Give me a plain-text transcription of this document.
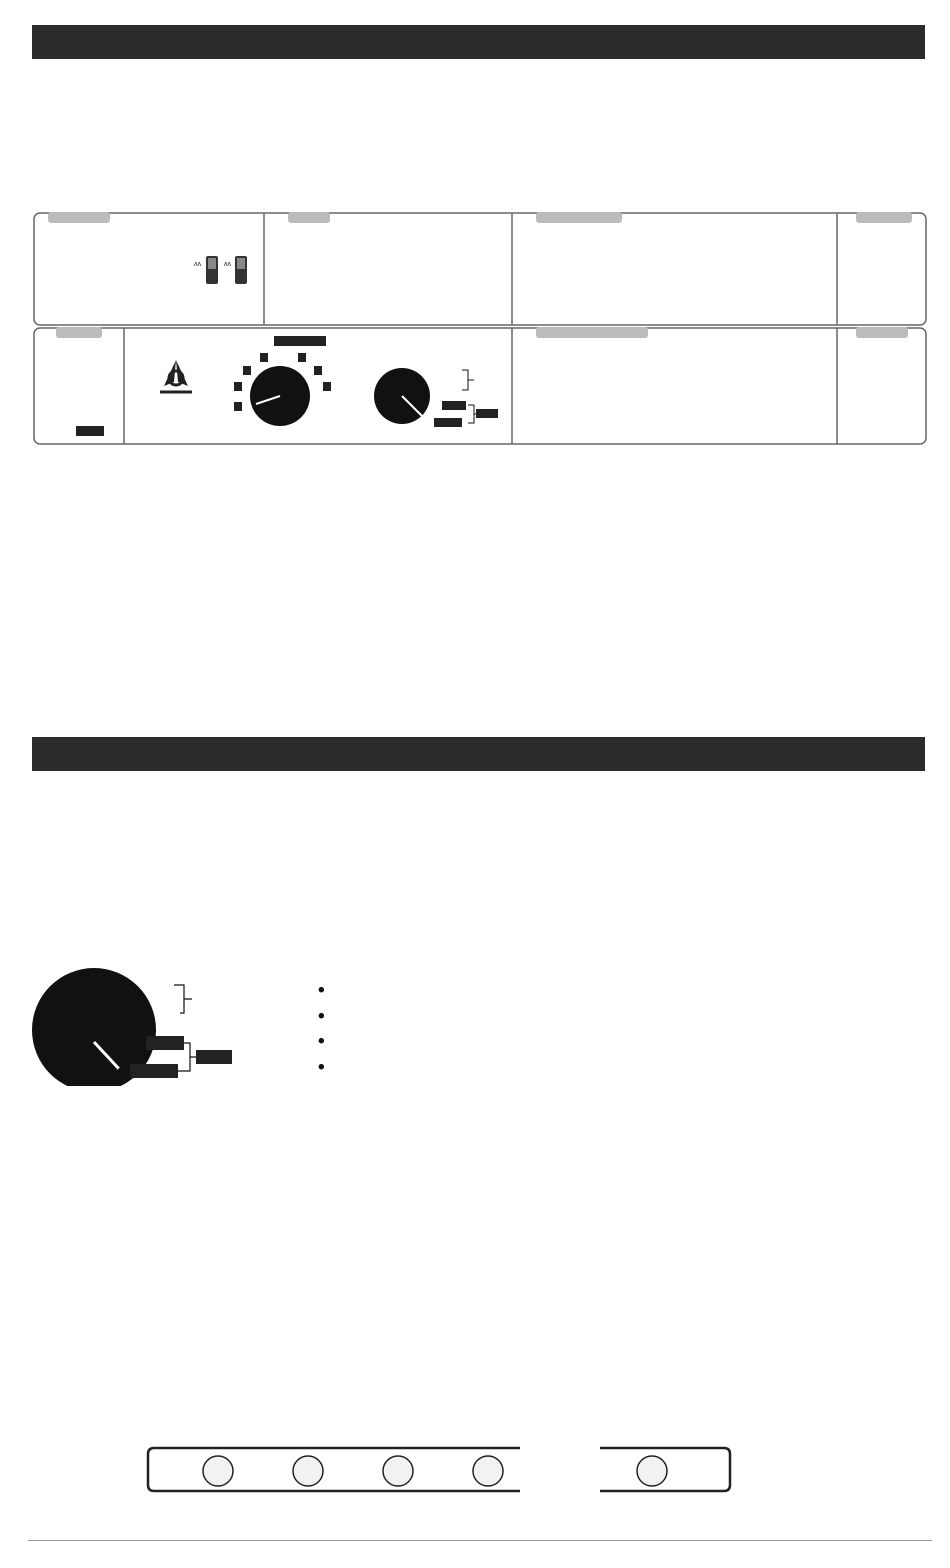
ᴧᴧ	ᴧᴧ

•
•
•
•
